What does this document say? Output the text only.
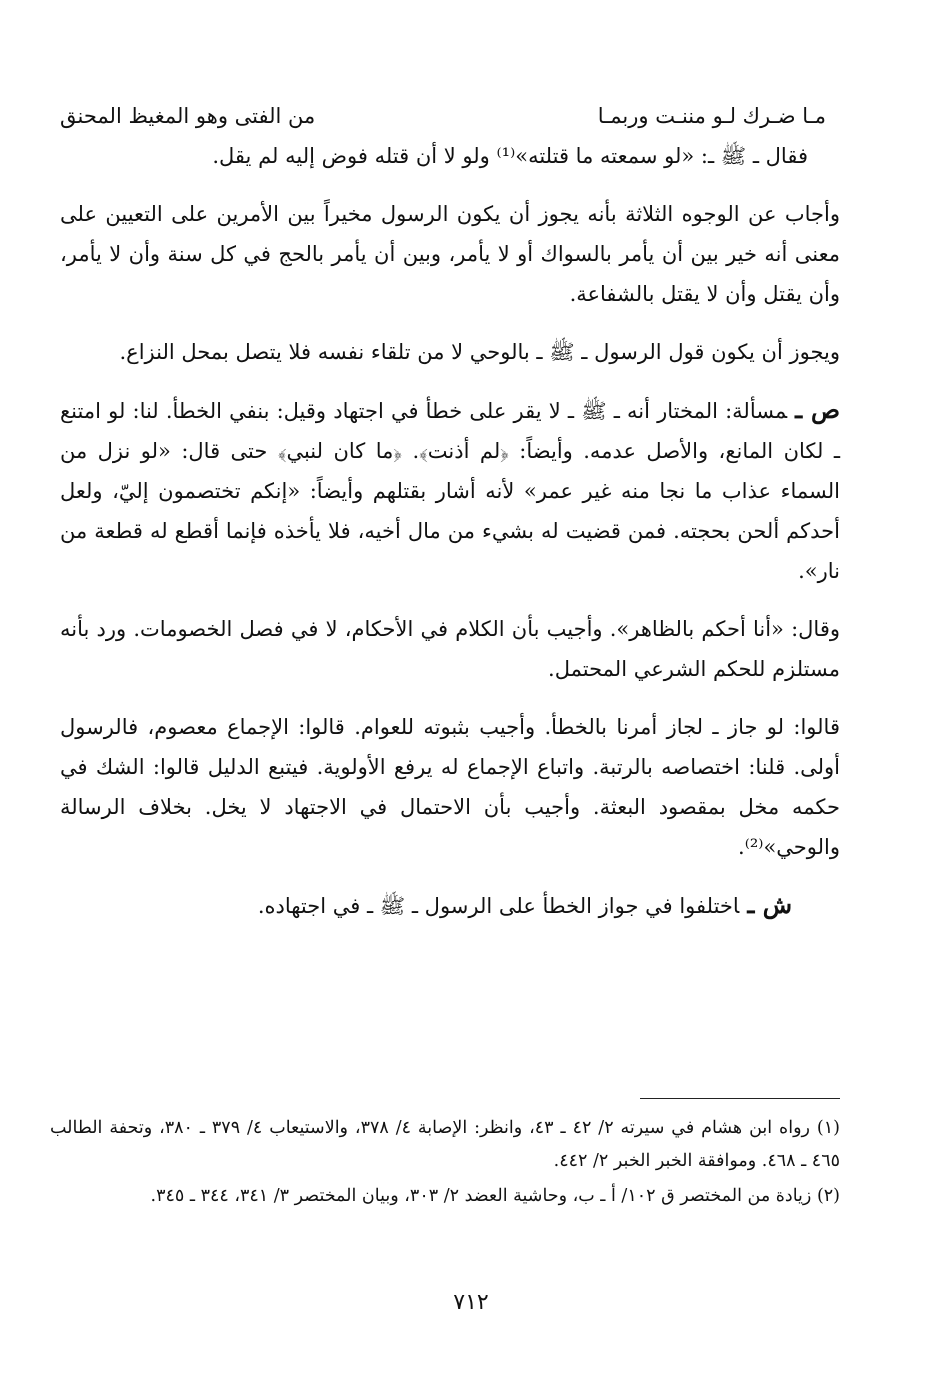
مـا ضـرك لـو مننـت وربمـا
من الفتى وهو المغيظ المحنق
فقال ـ ﷺ ـ: «لو سمعته ما قتلته»⁽¹⁾ ولو لا أن قتله فوض إليه لم يقل.

وأجاب عن الوجوه الثلاثة بأنه يجوز أن يكون الرسول مخيراً بين الأمرين على التعيين على معنى أنه خير بين أن يأمر بالسواك أو لا يأمر، وبين أن يأمر بالحج في كل سنة وأن لا يأمر، وأن يقتل وأن لا يقتل بالشفاعة.

ويجوز أن يكون قول الرسول ـ ﷺ ـ بالوحي لا من تلقاء نفسه فلا يتصل بمحل النزاع.

ص ـمسألة: المختار أنه ـ ﷺ ـ لا يقر على خطأ في اجتهاد وقيل: بنفي الخطأ. لنا: لو امتنع ـ لكان المانع، والأصل عدمه. وأيضاً: ﴿لم أذنت﴾. ﴿ما كان لنبي﴾ حتى قال: «لو نزل من السماء عذاب ما نجا منه غير عمر» لأنه أشار بقتلهم وأيضاً: «إنكم تختصمون إليّ، ولعل أحدكم ألحن بحجته. فمن قضيت له بشيء من مال أخيه، فلا يأخذه فإنما أقطع له قطعة من نار».

وقال: «أنا أحكم بالظاهر». وأجيب بأن الكلام في الأحكام، لا في فصل الخصومات. ورد بأنه مستلزم للحكم الشرعي المحتمل.

قالوا: لو جاز ـ لجاز أمرنا بالخطأ. وأجيب بثبوته للعوام. قالوا: الإجماع معصوم، فالرسول أولى. قلنا: اختصاصه بالرتبة. واتباع الإجماع له يرفع الأولوية. فيتبع الدليل قالوا: الشك في حكمه مخل بمقصود البعثة. وأجيب بأن الاحتمال في الاجتهاد لا يخل. بخلاف الرسالة والوحي»⁽²⁾.

ش ـاختلفوا في جواز الخطأ على الرسول ـ ﷺ ـ في اجتهاده.

(١) رواه ابن هشام في سيرته ٢/ ٤٢ ـ ٤٣، وانظر: الإصابة ٤/ ٣٧٨، والاستيعاب ٤/ ٣٧٩ ـ ٣٨٠، وتحفة الطالب ٤٦٥ ـ ٤٦٨. وموافقة الخبر الخبر ٢/ ٤٤٢.
(٢) زيادة من المختصر ق ١٠٢/ أ ـ ب، وحاشية العضد ٢/ ٣٠٣، وبيان المختصر ٣/ ٣٤١، ٣٤٤ ـ ٣٤٥.
٧١٢
